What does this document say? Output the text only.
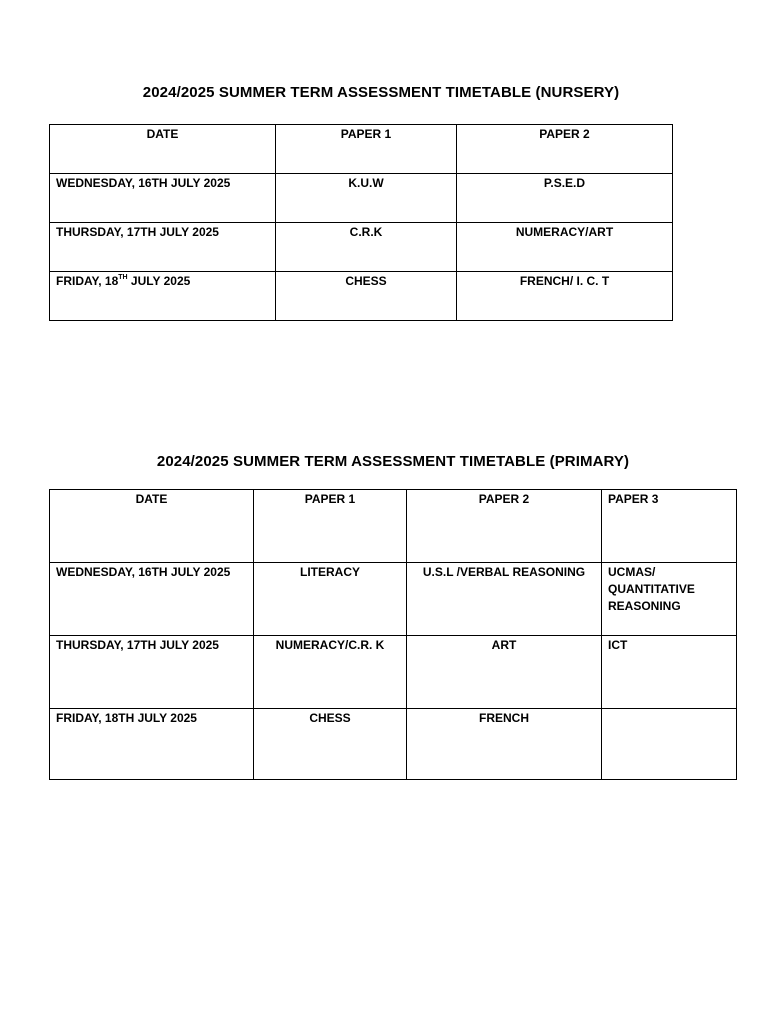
2024/2025 SUMMER TERM ASSESSMENT TIMETABLE (NURSERY)
DATE	PAPER 1	PAPER 2
WEDNESDAY, 16TH JULY 2025	K.U.W	P.S.E.D
THURSDAY, 17TH JULY 2025	C.R.K	NUMERACY/ART
FRIDAY, 18TH JULY 2025	CHESS	FRENCH/ I. C. T
2024/2025 SUMMER TERM ASSESSMENT TIMETABLE (PRIMARY)
DATE	PAPER 1	PAPER 2	PAPER 3
WEDNESDAY, 16TH JULY 2025	LITERACY	U.S.L /VERBAL REASONING	UCMAS/
QUANTITATIVE
REASONING

THURSDAY, 17TH JULY 2025	NUMERACY/C.R. K	ART	ICT
FRIDAY, 18TH JULY 2025	CHESS	FRENCH	
